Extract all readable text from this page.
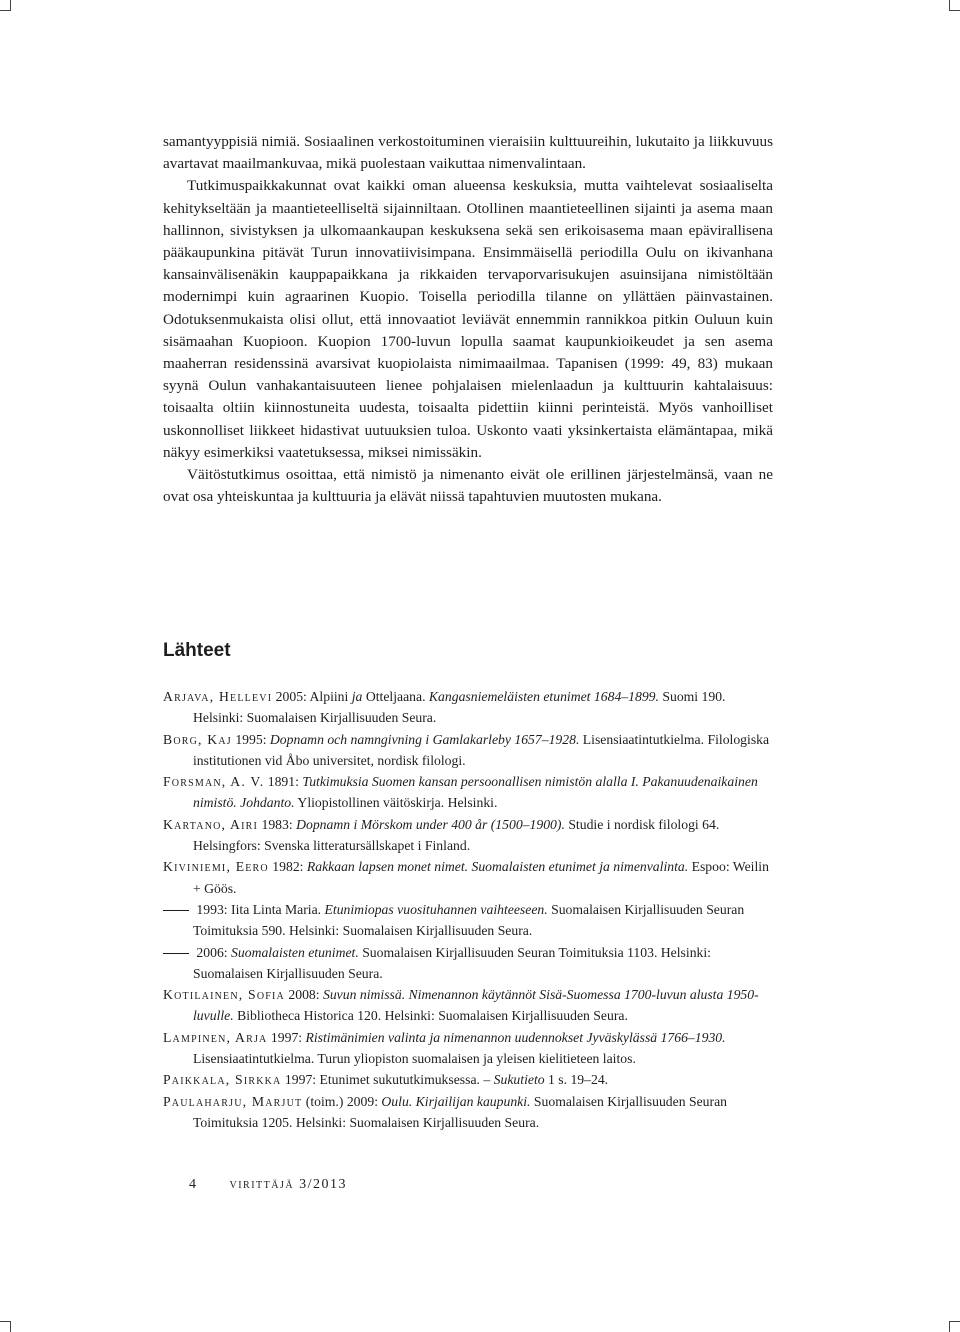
samantyyppisiä nimiä. Sosiaalinen verkostoituminen vieraisiin kulttuureihin, lukutaito ja liikkuvuus avartavat maailmankuvaa, mikä puolestaan vaikuttaa nimenvalintaan.

Tutkimuspaikkakunnat ovat kaikki oman alueensa keskuksia, mutta vaihtelevat sosiaaliselta kehitykseltään ja maantieteelliseltä sijainniltaan. Otollinen maantieteellinen sijainti ja asema maan hallinnon, sivistyksen ja ulkomaankaupan keskuksena sekä sen erikoisasema maan epävirallisena pääkaupunkina pitävät Turun innovatiivisimpana. Ensimmäisellä periodilla Oulu on ikivanhana kansainvälisenäkin kauppapaikkana ja rikkaiden tervaporvarisukujen asuinsijana nimistöltään modernimpi kuin agraarinen Kuopio. Toisella periodilla tilanne on yllättäen päinvastainen. Odotuksenmukaista olisi ollut, että innovaatiot leviävät ennemmin rannikkoa pitkin Ouluun kuin sisämaahan Kuopioon. Kuopion 1700-luvun lopulla saamat kaupunkioikeudet ja sen asema maaherran residenssinä avarsivat kuopiolaista nimimaailmaa. Tapanisen (1999: 49, 83) mukaan syynä Oulun vanhakantaisuuteen lienee pohjalaisen mielenlaadun ja kulttuurin kahtalaisuus: toisaalta oltiin kiinnostuneita uudesta, toisaalta pidettiin kiinni perinteistä. Myös vanhoilliset uskonnolliset liikkeet hidastivat uutuuksien tuloa. Uskonto vaati yksinkertaista elämäntapaa, mikä näkyy esimerkiksi vaatetuksessa, miksei nimissäkin.

Väitöstutkimus osoittaa, että nimistö ja nimenanto eivät ole erillinen järjestelmänsä, vaan ne ovat osa yhteiskuntaa ja kulttuuria ja elävät niissä tapahtuvien muutosten mukana.

Lähteet
Arjava, Hellevi 2005: Alpiini ja Otteljaana. Kangasniemeläisten etunimet 1684–1899. Suomi 190. Helsinki: Suomalaisen Kirjallisuuden Seura.
Borg, Kaj 1995: Dopnamn och namngivning i Gamlakarleby 1657–1928. Lisensiaatintutkielma. Filologiska institutionen vid Åbo universitet, nordisk filologi.
Forsman, A. V. 1891: Tutkimuksia Suomen kansan persoonallisen nimistön alalla I. Pakanuudenaikainen nimistö. Johdanto. Yliopistollinen väitöskirja. Helsinki.
Kartano, Airi 1983: Dopnamn i Mörskom under 400 år (1500–1900). Studie i nordisk filologi 64. Helsingfors: Svenska litteratursällskapet i Finland.
Kiviniemi, Eero 1982: Rakkaan lapsen monet nimet. Suomalaisten etunimet ja nimenvalinta. Espoo: Weilin + Göös.
1993: Iita Linta Maria. Etunimiopas vuosituhannen vaihteeseen. Suomalaisen Kirjallisuuden Seuran Toimituksia 590. Helsinki: Suomalaisen Kirjallisuuden Seura.
2006: Suomalaisten etunimet. Suomalaisen Kirjallisuuden Seuran Toimituksia 1103. Helsinki: Suomalaisen Kirjallisuuden Seura.
Kotilainen, Sofia 2008: Suvun nimissä. Nimenannon käytännöt Sisä-Suomessa 1700-luvun alusta 1950-luvulle. Bibliotheca Historica 120. Helsinki: Suomalaisen Kirjallisuuden Seura.
Lampinen, Arja 1997: Ristimänimien valinta ja nimenannon uudennokset Jyväskylässä 1766–1930. Lisensiaatintutkielma. Turun yliopiston suomalaisen ja yleisen kielitieteen laitos.
Paikkala, Sirkka 1997: Etunimet sukututkimuksessa. – Sukutieto 1 s. 19–24.
Paulaharju, Marjut (toim.) 2009: Oulu. Kirjailijan kaupunki. Suomalaisen Kirjallisuuden Seuran Toimituksia 1205. Helsinki: Suomalaisen Kirjallisuuden Seura.
4 virittäjä 3/2013
